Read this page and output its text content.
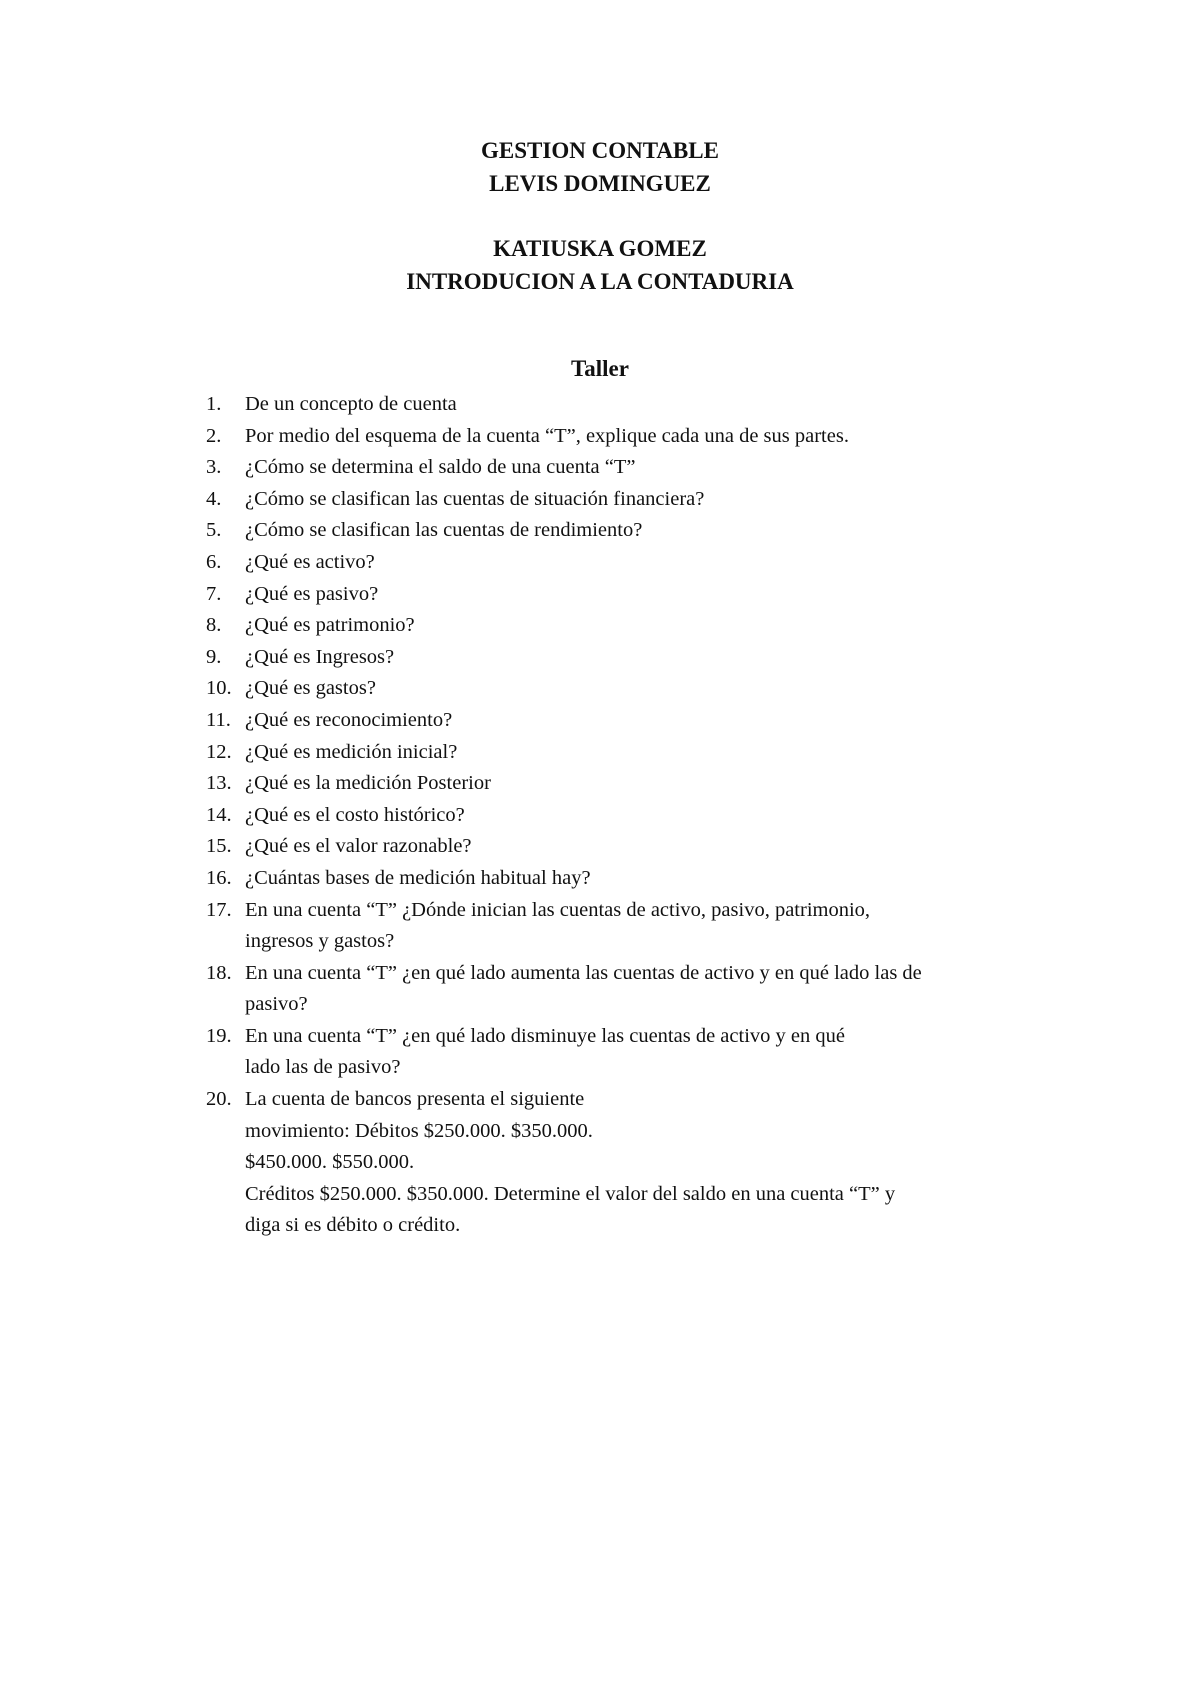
GESTION CONTABLE
LEVIS DOMINGUEZ
KATIUSKA GOMEZ
INTRODUCION A LA CONTADURIA
Taller
1. De un concepto de cuenta
2. Por medio del esquema de la cuenta “T”, explique cada una de sus partes.
3. ¿Cómo se determina el saldo de una cuenta “T”
4. ¿Cómo se clasifican las cuentas de situación financiera?
5. ¿Cómo se clasifican las cuentas de rendimiento?
6. ¿Qué es activo?
7. ¿Qué es pasivo?
8. ¿Qué es patrimonio?
9. ¿Qué es Ingresos?
10. ¿Qué es gastos?
11. ¿Qué es reconocimiento?
12. ¿Qué es medición inicial?
13. ¿Qué es la medición Posterior
14. ¿Qué es el costo histórico?
15. ¿Qué es el valor razonable?
16. ¿Cuántas bases de medición habitual hay?
17. En una cuenta “T” ¿Dónde inician las cuentas de activo, pasivo, patrimonio,
ingresos y gastos?
18. En una cuenta “T” ¿en qué lado aumenta las cuentas de activo y en qué lado las de
pasivo?
19. En una cuenta “T” ¿en qué lado disminuye las cuentas de activo y en qué
lado las de pasivo?
20. La cuenta de bancos presenta el siguiente
movimiento: Débitos $250.000. $350.000.
$450.000. $550.000.
Créditos $250.000. $350.000. Determine el valor del saldo en una cuenta “T” y
diga si es débito o crédito.
